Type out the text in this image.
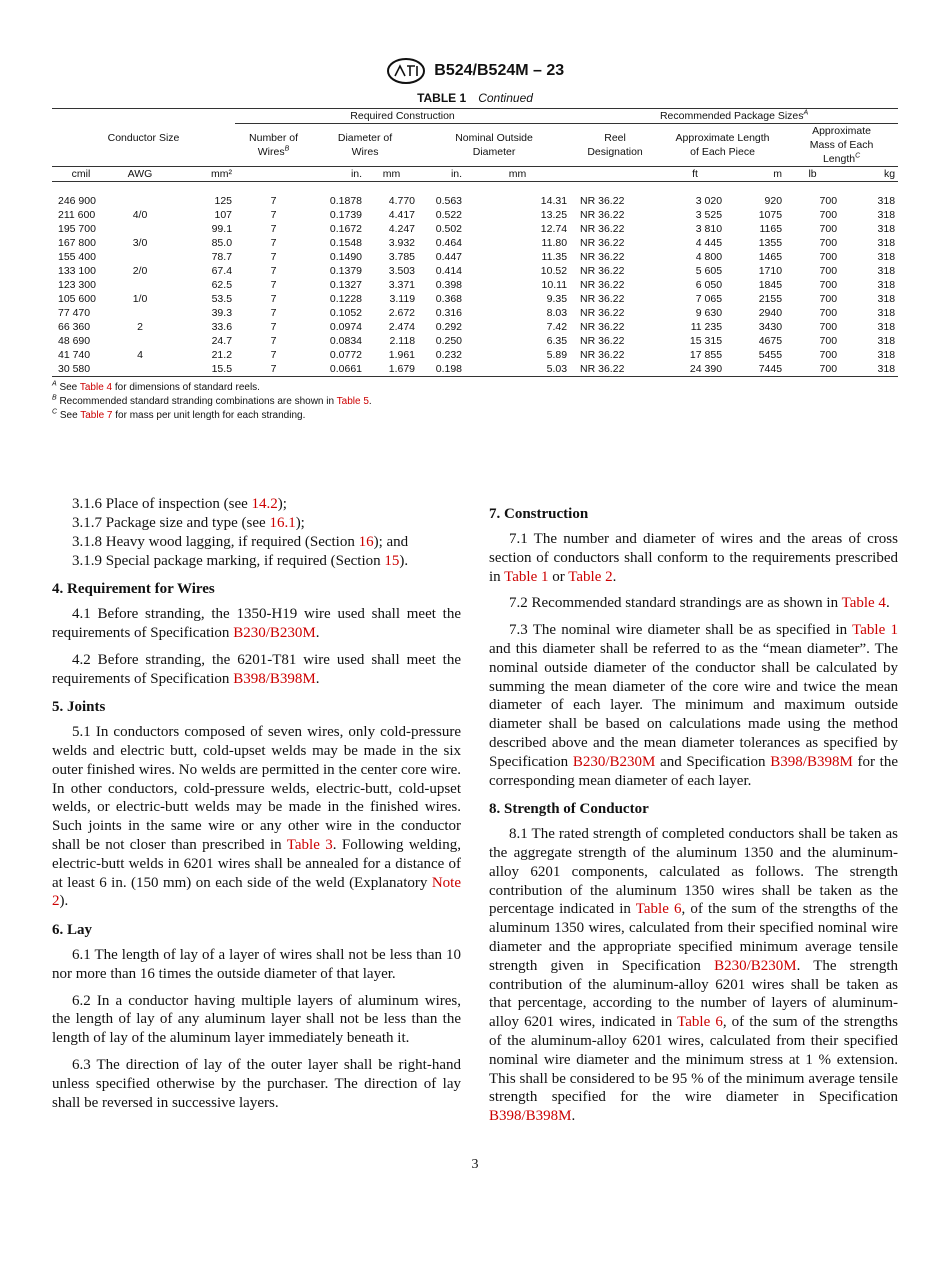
B524/B524M – 23
TABLE 1 Continued
Conductor Size			Required Construction					Recommended Package Sizes$^A$
			Number of Wires$^B$	Diameter of Wires		Nominal Outside Diameter		Reel Designation	Approximate Length of Each Piece		Approximate Mass of Each Length$^C$
cmil	AWG	mm²		in.	mm	in.	mm		ft	m	lb	kg

246 900		125	7	0.1878	4.770	0.563	14.31	NR 36.22	3 020	920	700	318
211 600	4/0	107	7	0.1739	4.417	0.522	13.25	NR 36.22	3 525	1075	700	318
195 700		99.1	7	0.1672	4.247	0.502	12.74	NR 36.22	3 810	1165	700	318
167 800	3/0	85.0	7	0.1548	3.932	0.464	11.80	NR 36.22	4 445	1355	700	318
155 400		78.7	7	0.1490	3.785	0.447	11.35	NR 36.22	4 800	1465	700	318
133 100	2/0	67.4	7	0.1379	3.503	0.414	10.52	NR 36.22	5 605	1710	700	318
123 300		62.5	7	0.1327	3.371	0.398	10.11	NR 36.22	6 050	1845	700	318
105 600	1/0	53.5	7	0.1228	3.119	0.368	9.35	NR 36.22	7 065	2155	700	318
77 470		39.3	7	0.1052	2.672	0.316	8.03	NR 36.22	9 630	2940	700	318
66 360	2	33.6	7	0.0974	2.474	0.292	7.42	NR 36.22	11 235	3430	700	318
48 690		24.7	7	0.0834	2.118	0.250	6.35	NR 36.22	15 315	4675	700	318
41 740	4	21.2	7	0.0772	1.961	0.232	5.89	NR 36.22	17 855	5455	700	318
30 580		15.5	7	0.0661	1.679	0.198	5.03	NR 36.22	24 390	7445	700	318
$^A$ See Table 4 for dimensions of standard reels.
$^B$ Recommended standard stranding combinations are shown in Table 5.
$^C$ See Table 7 for mass per unit length for each stranding.

3.1.6 Place of inspection (see 14.2);

3.1.7 Package size and type (see 16.1);

3.1.8 Heavy wood lagging, if required (Section 16); and

3.1.9 Special package marking, if required (Section 15).

4. Requirement for Wires

4.1 Before stranding, the 1350-H19 wire used shall meet the requirements of Specification B230/B230M.

4.2 Before stranding, the 6201-T81 wire used shall meet the requirements of Specification B398/B398M.

5. Joints

5.1 In conductors composed of seven wires, only cold-pressure welds and electric butt, cold-upset welds may be made in the six outer finished wires. No welds are permitted in the center core wire. In other conductors, cold-pressure welds, electric-butt, cold-upset welds, or electric-butt welds may be made in the finished wires. Such joints in the same wire or any other wire in the conductor shall be not closer than prescribed in Table 3. Following welding, electric-butt welds in 6201 wires shall be annealed for a distance of at least 6 in. (150 mm) on each side of the weld (Explanatory Note 2).

6. Lay

6.1 The length of lay of a layer of wires shall not be less than 10 nor more than 16 times the outside diameter of that layer.

6.2 In a conductor having multiple layers of aluminum wires, the length of lay of any aluminum layer shall not be less than the length of lay of the aluminum layer immediately beneath it.

6.3 The direction of lay of the outer layer shall be right-hand unless specified otherwise by the purchaser. The direction of lay shall be reversed in successive layers.

7. Construction

7.1 The number and diameter of wires and the areas of cross section of conductors shall conform to the requirements prescribed in Table 1 or Table 2.

7.2 Recommended standard strandings are as shown in Table 4.

7.3 The nominal wire diameter shall be as specified in Table 1 and this diameter shall be referred to as the “mean diameter”. The nominal outside diameter of the conductor shall be calculated by summing the mean diameter of the core wire and twice the mean diameter of each layer. The minimum and maximum outside diameter shall be based on calculations made using the method described above and the mean diameter tolerances as specified by Specification B230/B230M and Specification B398/B398M for the corresponding mean diameter of each layer.

8. Strength of Conductor

8.1 The rated strength of completed conductors shall be taken as the aggregate strength of the aluminum 1350 and the aluminum-alloy 6201 components, calculated as follows. The strength contribution of the aluminum 1350 wires shall be taken as the percentage indicated in Table 6, of the sum of the strengths of the aluminum 1350 wires, calculated from their specified nominal wire diameter and the appropriate specified minimum average tensile strength given in Specification B230/B230M. The strength contribution of the aluminum-alloy 6201 wires shall be taken as that percentage, according to the number of layers of aluminum-alloy 6201 wires, indicated in Table 6, of the sum of the strengths of the aluminum-alloy 6201 wires, calculated from their specified nominal wire diameter and the minimum stress at 1 % extension. This shall be considered to be 95 % of the minimum average tensile strength specified for the wire diameter in Specification B398/B398M.

3
